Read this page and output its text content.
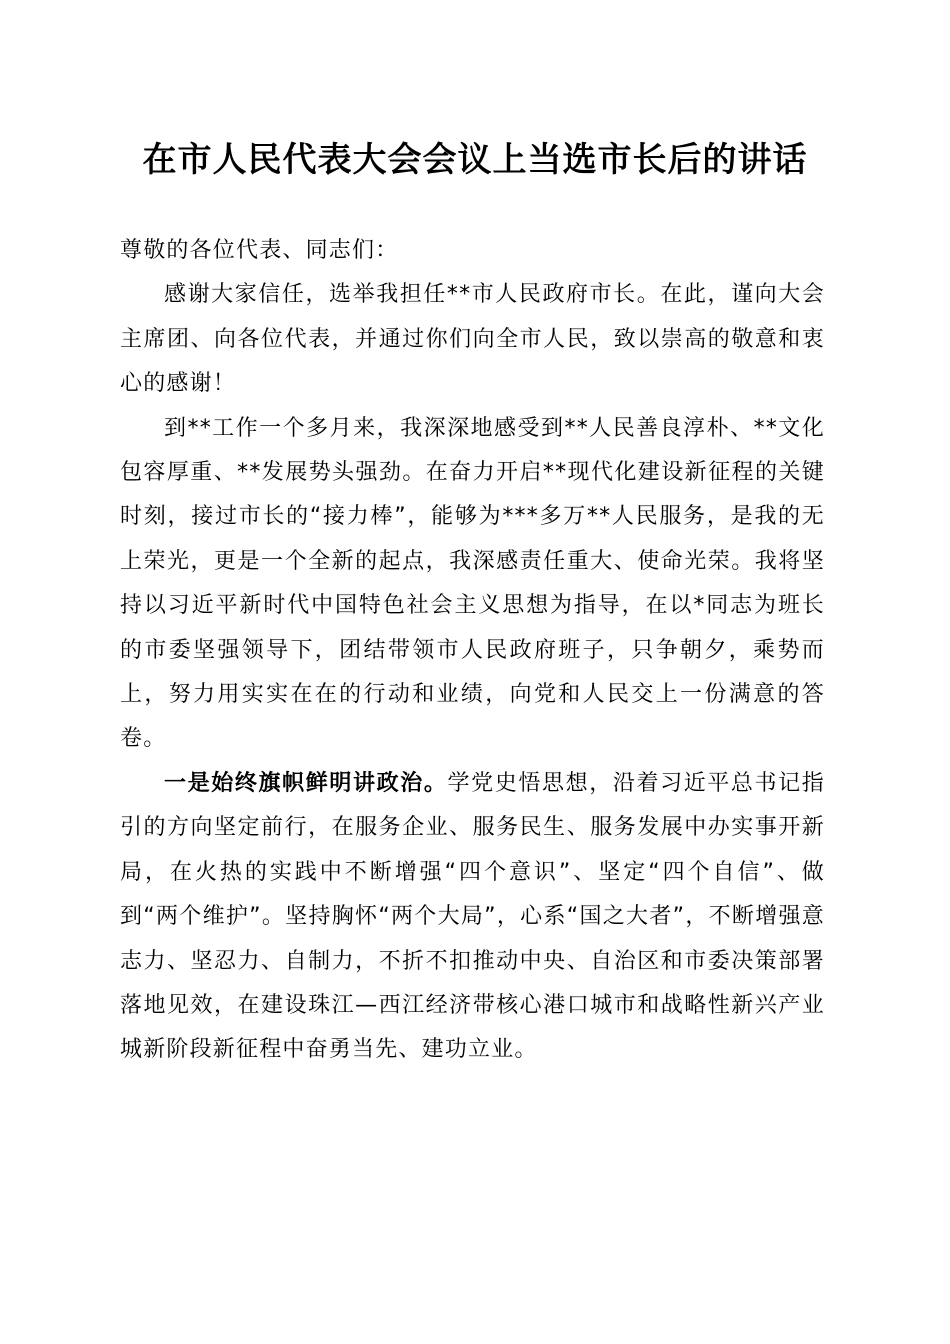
在市人民代表大会会议上当选市长后的讲话

尊敬的各位代表、同志们：

感谢大家信任，选举我担任**市人民政府市长。在此，谨向大会主席团、向各位代表，并通过你们向全市人民，致以崇高的敬意和衷心的感谢！

到**工作一个多月来，我深深地感受到**人民善良淳朴、**文化包容厚重、**发展势头强劲。在奋力开启**现代化建设新征程的关键时刻，接过市长的“接力棒”，能够为***多万**人民服务，是我的无上荣光，更是一个全新的起点，我深感责任重大、使命光荣。我将坚持以习近平新时代中国特色社会主义思想为指导，在以*同志为班长的市委坚强领导下，团结带领市人民政府班子，只争朝夕，乘势而上，努力用实实在在的行动和业绩，向党和人民交上一份满意的答卷。

一是始终旗帜鲜明讲政治。学党史悟思想，沿着习近平总书记指引的方向坚定前行，在服务企业、服务民生、服务发展中办实事开新局，在火热的实践中不断增强“四个意识”、坚定“四个自信”、做到“两个维护”。坚持胸怀“两个大局”，心系“国之大者”，不断增强意志力、坚忍力、自制力，不折不扣推动中央、自治区和市委决策部署落地见效，在建设珠江—西江经济带核心港口城市和战略性新兴产业城新阶段新征程中奋勇当先、建功立业。
